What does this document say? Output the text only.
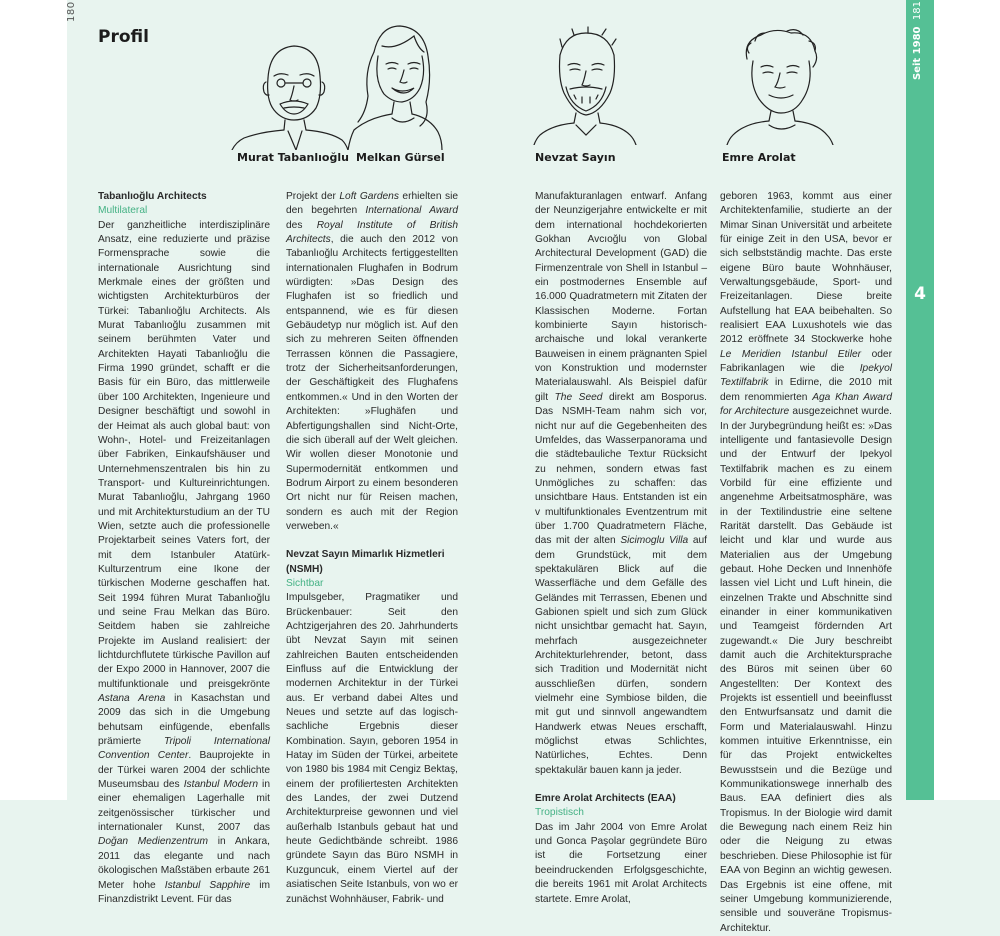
180
Profil	Seit 1980  181
4
Murat Tabanlıoğlu Melkan Gürsel	Nevzat Sayın	Emre Arolat

Tabanlıoğlu Architects

Multilateral

Der ganzheitliche interdisziplinäre Ansatz, eine reduzierte und präzise Formensprache sowie die internationale Ausrichtung sind Merkmale eines der größten und wichtigsten Architekturbüros der Türkei: Tabanlıoğlu Architects. Als Murat Tabanlıoğlu zusammen mit seinem berühmten Vater und Architekten Hayati Tabanlıoğlu die Firma 1990 gründet, schafft er die Basis für ein Büro, das mittlerweile über 100 Architekten, Ingenieure und Designer beschäftigt und sowohl in der Heimat als auch global baut: von Wohn-, Hotel- und Freizeitanlagen über Fabriken, Einkaufshäuser und Unternehmenszentralen bis hin zu Transport- und Kultureinrichtungen. Murat Tabanlıoğlu, Jahrgang 1960 und mit Architekturstudium an der TU Wien, setzte auch die professionelle Projektarbeit seines Vaters fort, der mit dem Istanbuler Atatürk-Kulturzentrum eine Ikone der türkischen Moderne geschaffen hat. Seit 1994 führen Murat Tabanlıoğlu und seine Frau Melkan das Büro. Seitdem haben sie zahlreiche Projekte im Ausland realisiert: der lichtdurchflutete türkische Pavillon auf der Expo 2000 in Hannover, 2007 die multifunktionale und preisgekrönte Astana Arena in Kasachstan und 2009 das sich in die Umgebung behutsam einfügende, ebenfalls prämierte Tripoli International Convention Center. Bauprojekte in der Türkei waren 2004 der schlichte Museumsbau des Istanbul Modern in einer ehemaligen Lagerhalle mit zeitgenössischer türkischer und internationaler Kunst, 2007 das Doğan Medienzentrum in Ankara, 2011 das elegante und nach ökologischen Maßstäben erbaute 261 Meter hohe Istanbul Sapphire im Finanzdistrikt Levent. Für das

Projekt der Loft Gardens erhielten sie den begehrten International Award des Royal Institute of British Architects, die auch den 2012 von Tabanlıoğlu Architects fertiggestellten internationalen Flughafen in Bodrum würdigten: »Das Design des Flughafen ist so friedlich und entspannend, wie es für diesen Gebäudetyp nur möglich ist. Auf den sich zu mehreren Seiten öffnenden Terrassen können die Passagiere, trotz der Sicherheitsanforderungen, der Geschäftigkeit des Flughafens entkommen.« Und in den Worten der Architekten: »Flughäfen und Abfertigungshallen sind Nicht-Orte, die sich überall auf der Welt gleichen. Wir wollen dieser Monotonie und Supermodernität entkommen und Bodrum Airport zu einem besonderen Ort nicht nur für Reisen machen, sondern es auch mit der Region verweben.«

Nevzat Sayın Mimarlık Hizmetleri (NSMH)

Sichtbar

Impulsgeber, Pragmatiker und Brückenbauer: Seit den Achtzigerjahren des 20. Jahrhunderts übt Nevzat Sayın mit seinen zahlreichen Bauten entscheidenden Einfluss auf die Entwicklung der modernen Architektur in der Türkei aus. Er verband dabei Altes und Neues und setzte auf das logisch-sachliche Ergebnis dieser Kombination. Sayın, geboren 1954 in Hatay im Süden der Türkei, arbeitete von 1980 bis 1984 mit Cengiz Bektaş, einem der profiliertesten Architekten des Landes, der zwei Dutzend Architekturpreise gewonnen und viel außerhalb Istanbuls gebaut hat und heute Gedichtbände schreibt. 1986 gründete Sayın das Büro NSMH in Kuzguncuk, einem Viertel auf der asiatischen Seite Istanbuls, von wo er zunächst Wohnhäuser, Fabrik- und

Manufakturanlagen entwarf. Anfang der Neunzigerjahre entwickelte er mit dem international hochdekorierten Gokhan Avcıoğlu von Global Architectural Development (GAD) die Firmenzentrale von Shell in Istanbul – ein postmodernes Ensemble auf 16.000 Quadratmetern mit Zitaten der Klassischen Moderne. Fortan kombinierte Sayın historisch-archaische und lokal verankerte Bauweisen in einem prägnanten Spiel von Konstruktion und modernster Materialauswahl. Als Beispiel dafür gilt The Seed direkt am Bosporus. Das NSMH-Team nahm sich vor, nicht nur auf die Gegebenheiten des Umfeldes, das Wasserpanorama und die städtebauliche Textur Rücksicht zu nehmen, sondern etwas fast Unmögliches zu schaffen: das unsichtbare Haus. Entstanden ist ein v multifunktionales Eventzentrum mit über 1.700 Quadratmetern Fläche, das mit der alten Sicimoglu Villa auf dem Grundstück, mit dem spektakulären Blick auf die Wasserfläche und dem Gefälle des Geländes mit Terrassen, Ebenen und Gabionen spielt und sich zum Glück nicht unsichtbar gemacht hat. Sayın, mehrfach ausgezeichneter Architekturlehrender, betont, dass sich Tradition und Modernität nicht ausschließen dürfen, sondern vielmehr eine Symbiose bilden, die mit gut und sinnvoll angewandtem Handwerk etwas Neues erschafft, möglichst etwas Schlichtes, Natürliches, Echtes. Denn spektakulär bauen kann ja jeder.

Emre Arolat Architects (EAA)

Tropistisch

Das im Jahr 2004 von Emre Arolat und Gonca Paşolar gegründete Büro ist die Fortsetzung einer beeindruckenden Erfolgsgeschichte, die bereits 1961 mit Arolat Architects startete. Emre Arolat,

geboren 1963, kommt aus einer Architektenfamilie, studierte an der Mimar Sinan Universität und arbeitete für einige Zeit in den USA, bevor er sich selbstständig machte. Das erste eigene Büro baute Wohnhäuser, Verwaltungsgebäude, Sport- und Freizeitanlagen. Diese breite Aufstellung hat EAA beibehalten. So realisiert EAA Luxushotels wie das 2012 eröffnete 34 Stockwerke hohe Le Meridien Istanbul Etiler oder Fabrikanlagen wie die Ipekyol Textilfabrik in Edirne, die 2010 mit dem renommierten Aga Khan Award for Architecture ausgezeichnet wurde. In der Jurybegründung heißt es: »Das intelligente und fantasievolle Design und der Entwurf der Ipekyol Textilfabrik machen es zu einem Vorbild für eine effiziente und angenehme Arbeitsatmosphäre, was in der Textilindustrie eine seltene Rarität darstellt. Das Gebäude ist leicht und klar und wurde aus Materialien aus der Umgebung gebaut. Hohe Decken und Innenhöfe lassen viel Licht und Luft hinein, die einzelnen Trakte und Abschnitte sind einander in einer kommunikativen und Teamgeist fördernden Art zugewandt.« Die Jury beschreibt damit auch die Architektursprache des Büros mit seinen über 60 Angestellten: Der Kontext des Projekts ist essentiell und beeinflusst den Entwurfsansatz und damit die Form und Materialauswahl. Hinzu kommen intuitive Erkenntnisse, ein für das Projekt entwickeltes Bewusstsein und die Bezüge und Kommunikationswege innerhalb des Baus. EAA definiert dies als Tropismus. In der Biologie wird damit die Bewegung nach einem Reiz hin oder die Neigung zu etwas beschrieben. Diese Philosophie ist für EAA von Beginn an wichtig gewesen. Das Ergebnis ist eine offene, mit seiner Umgebung kommunizierende, sensible und souveräne Tropismus-Architektur.
